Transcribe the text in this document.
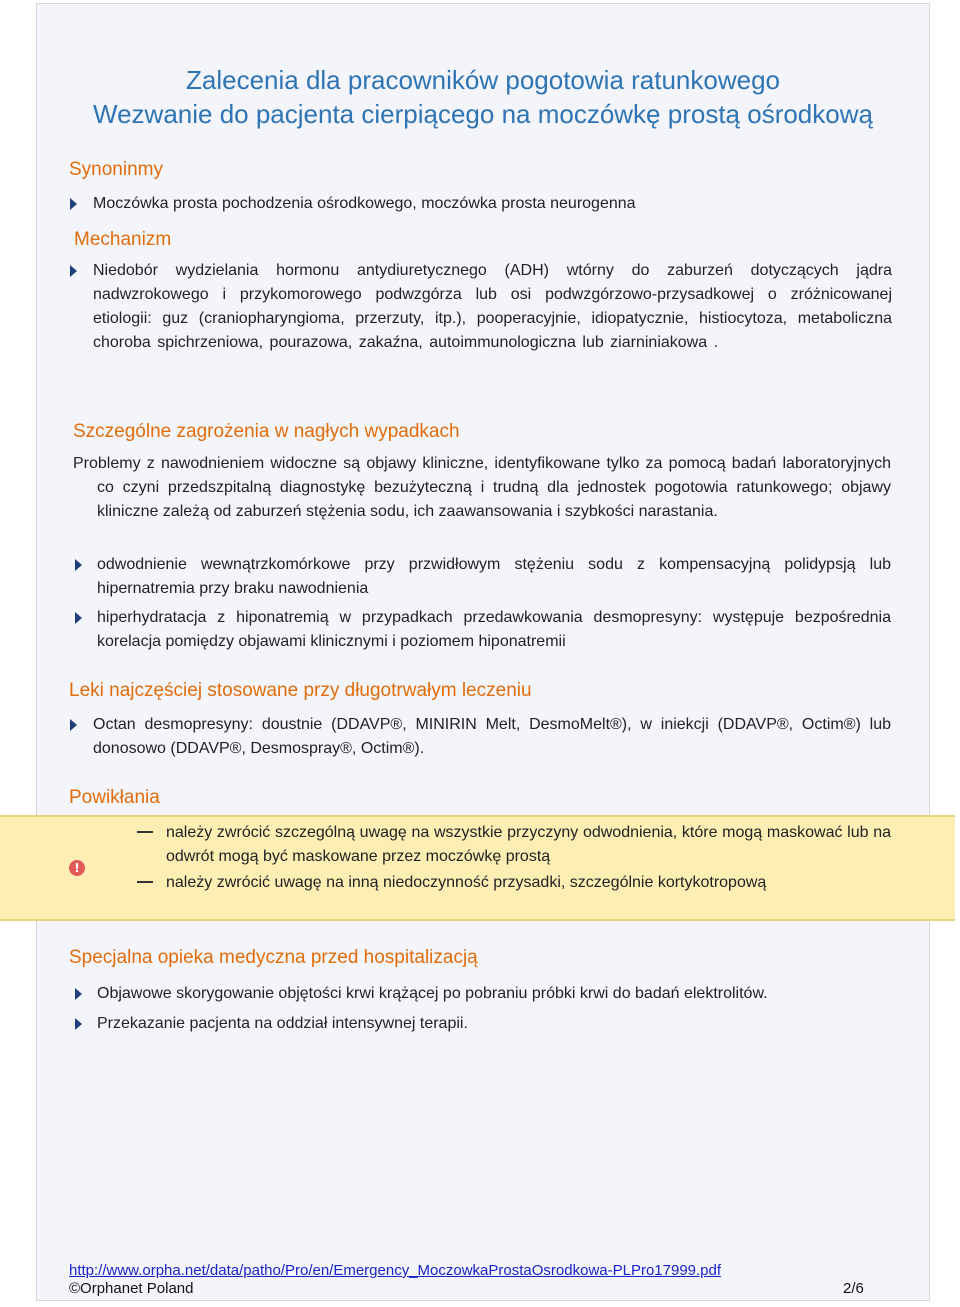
Zalecenia dla pracowników pogotowia ratunkowego
Wezwanie do pacjenta cierpiącego na moczówkę prostą ośrodkową
Synoninmy
Moczówka prosta pochodzenia ośrodkowego, moczówka prosta neurogenna
Mechanizm
Niedobór wydzielania hormonu antydiuretycznego (ADH) wtórny do zaburzeń dotyczących jądra nadwzrokowego i przykomorowego podwzgórza lub osi podwzgórzowo-przysadkowej o zróżnicowanej etiologii: guz (craniopharyngioma, przerzuty, itp.), pooperacyjnie, idiopatycznie, histiocytoza, metaboliczna choroba spichrzeniowa, pourazowa, zakaźna, autoimmunologiczna lub ziarniniakowa .
Szczególne zagrożenia w nagłych wypadkach
Problemy z nawodnieniem widoczne są objawy kliniczne, identyfikowane tylko za pomocą badań laboratoryjnych co czyni przedszpitalną diagnostykę bezużyteczną i trudną dla jednostek pogotowia ratunkowego; objawy kliniczne zależą od zaburzeń stężenia sodu, ich zaawansowania i szybkości narastania.
odwodnienie wewnątrzkomórkowe przy przwidłowym stężeniu sodu z kompensacyjną polidypsją lub hipernatremia przy braku nawodnienia
hiperhydratacja z hiponatremią w przypadkach przedawkowania desmopresyny: występuje bezpośrednia korelacja pomiędzy objawami klinicznymi i poziomem hiponatremii
Leki najczęściej stosowane przy długotrwałym leczeniu
Octan desmopresyny: doustnie (DDAVP®, MINIRIN Melt, DesmoMelt®), w iniekcji (DDAVP®, Octim®) lub donosowo (DDAVP®, Desmospray®, Octim®).
Powikłania
!
należy zwrócić szczególną uwagę na wszystkie przyczyny odwodnienia, które mogą maskować lub na odwrót mogą być maskowane przez moczówkę prostą
należy zwrócić uwagę na inną niedoczynność przysadki, szczególnie kortykotropową
Specjalna opieka medyczna przed hospitalizacją
Objawowe skorygowanie objętości krwi krążącej po pobraniu próbki krwi do badań elektrolitów.
Przekazanie pacjenta na oddział intensywnej terapii.
http://www.orpha.net/data/patho/Pro/en/Emergency_MoczowkaProstaOsrodkowa-PLPro17999.pdf
©Orphanet Poland	2/6
